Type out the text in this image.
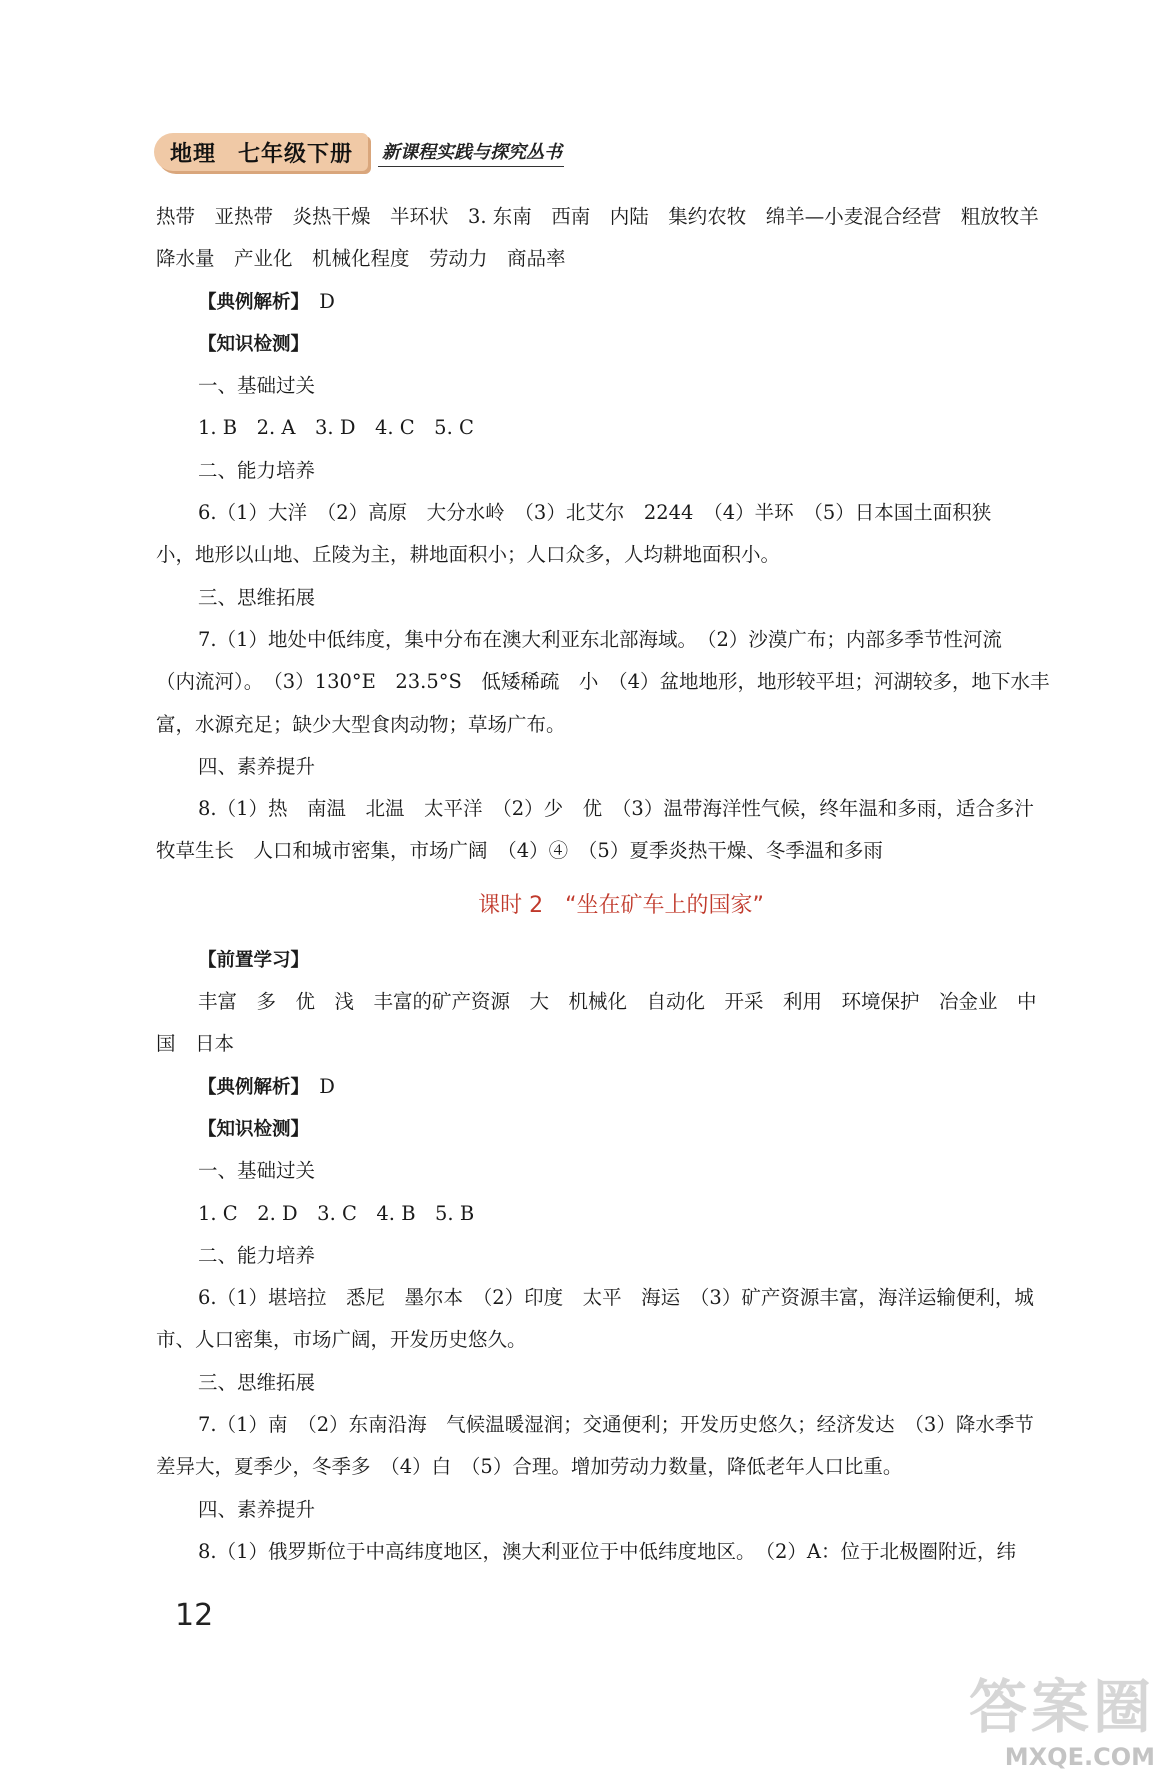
地理 七年级下册 新课程实践与探究丛书
热带　亚热带　炎热干燥　半环状　3. 东南　西南　内陆　集约农牧　绵羊—小麦混合经营　粗放牧羊
降水量　产业化　机械化程度　劳动力　商品率
【典例解析】　D
【知识检测】
一、基础过关
1. B　2. A　3. D　4. C　5. C
二、能力培养
6.（1）大洋　（2）高原　大分水岭　（3）北艾尔　2244　（4）半环　（5）日本国土面积狭
小，地形以山地、丘陵为主，耕地面积小；人口众多，人均耕地面积小。
三、思维拓展
7.（1）地处中低纬度，集中分布在澳大利亚东北部海域。　（2）沙漠广布；内部多季节性河流
（内流河）。　（3）130°E　23.5°S　低矮稀疏　小　（4）盆地地形，地形较平坦；河湖较多，地下水丰
富，水源充足；缺少大型食肉动物；草场广布。
四、素养提升
8.（1）热　南温　北温　太平洋　（2）少　优　（3）温带海洋性气候，终年温和多雨，适合多汁
牧草生长　人口和城市密集，市场广阔　（4）④　（5）夏季炎热干燥、冬季温和多雨
课时 2　“坐在矿车上的国家”
【前置学习】
丰富　多　优　浅　丰富的矿产资源　大　机械化　自动化　开采　利用　环境保护　冶金业　中
国　日本
【典例解析】　D
【知识检测】
一、基础过关
1. C　2. D　3. C　4. B　5. B
二、能力培养
6.（1）堪培拉　悉尼　墨尔本　（2）印度　太平　海运　（3）矿产资源丰富，海洋运输便利，城
市、人口密集，市场广阔，开发历史悠久。
三、思维拓展
7.（1）南　（2）东南沿海　气候温暖湿润；交通便利；开发历史悠久；经济发达　（3）降水季节
差异大，夏季少，冬季多　（4）白　（5）合理。增加劳动力数量，降低老年人口比重。
四、素养提升
8.（1）俄罗斯位于中高纬度地区，澳大利亚位于中低纬度地区。　（2）A：位于北极圈附近，纬
12
答案圈
MXQE.COM
